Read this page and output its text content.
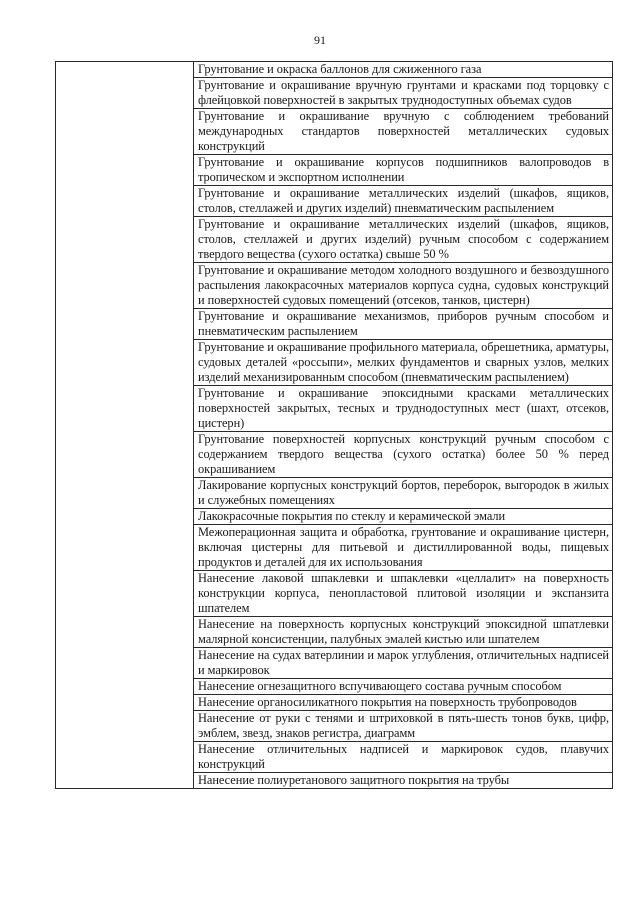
91
	Грунтование и окраска баллонов для сжиженного газа
Грунтование и окрашивание вручную грунтами и красками под торцовку с флейцовкой поверхностей в закрытых труднодоступных объемах судов
Грунтование и окрашивание вручную с соблюдением требований международных стандартов поверхностей металлических судовых конструкций
Грунтование и окрашивание корпусов подшипников валопроводов в тропическом и экспортном исполнении
Грунтование и окрашивание металлических изделий (шкафов, ящиков, столов, стеллажей и других изделий) пневматическим распылением
Грунтование и окрашивание металлических изделий (шкафов, ящиков, столов, стеллажей и других изделий) ручным способом с содержанием твердого вещества (сухого остатка) свыше 50 %
Грунтование и окрашивание методом холодного воздушного и безвоздушного распыления лакокрасочных материалов корпуса судна, судовых конструкций и поверхностей судовых помещений (отсеков, танков, цистерн)
Грунтование и окрашивание механизмов, приборов ручным способом и пневматическим распылением
Грунтование и окрашивание профильного материала, обрешетника, арматуры, судовых деталей «россыпи», мелких фундаментов и сварных узлов, мелких изделий механизированным способом (пневматическим распылением)
Грунтование и окрашивание эпоксидными красками металлических поверхностей закрытых, тесных и труднодоступных мест (шахт, отсеков, цистерн)
Грунтование поверхностей корпусных конструкций ручным способом с содержанием твердого вещества (сухого остатка) более 50 % перед окрашиванием
Лакирование корпусных конструкций бортов, переборок, выгородок в жилых и служебных помещениях
Лакокрасочные покрытия по стеклу и керамической эмали
Межоперационная защита и обработка, грунтование и окрашивание цистерн, включая цистерны для питьевой и дистиллированной воды, пищевых продуктов и деталей для их использования
Нанесение лаковой шпаклевки и шпаклевки «целлалит» на поверхность конструкции корпуса, пенопластовой плитовой изоляции и экспанзита шпателем
Нанесение на поверхность корпусных конструкций эпоксидной шпатлевки малярной консистенции, палубных эмалей кистью или шпателем
Нанесение на судах ватерлинии и марок углубления, отличительных надписей и маркировок
Нанесение огнезащитного вспучивающего состава ручным способом
Нанесение органосиликатного покрытия на поверхность трубопроводов
Нанесение от руки с тенями и штриховкой в пять-шесть тонов букв, цифр, эмблем, звезд, знаков регистра, диаграмм
Нанесение отличительных надписей и маркировок судов, плавучих конструкций
Нанесение полиуретанового защитного покрытия на трубы
